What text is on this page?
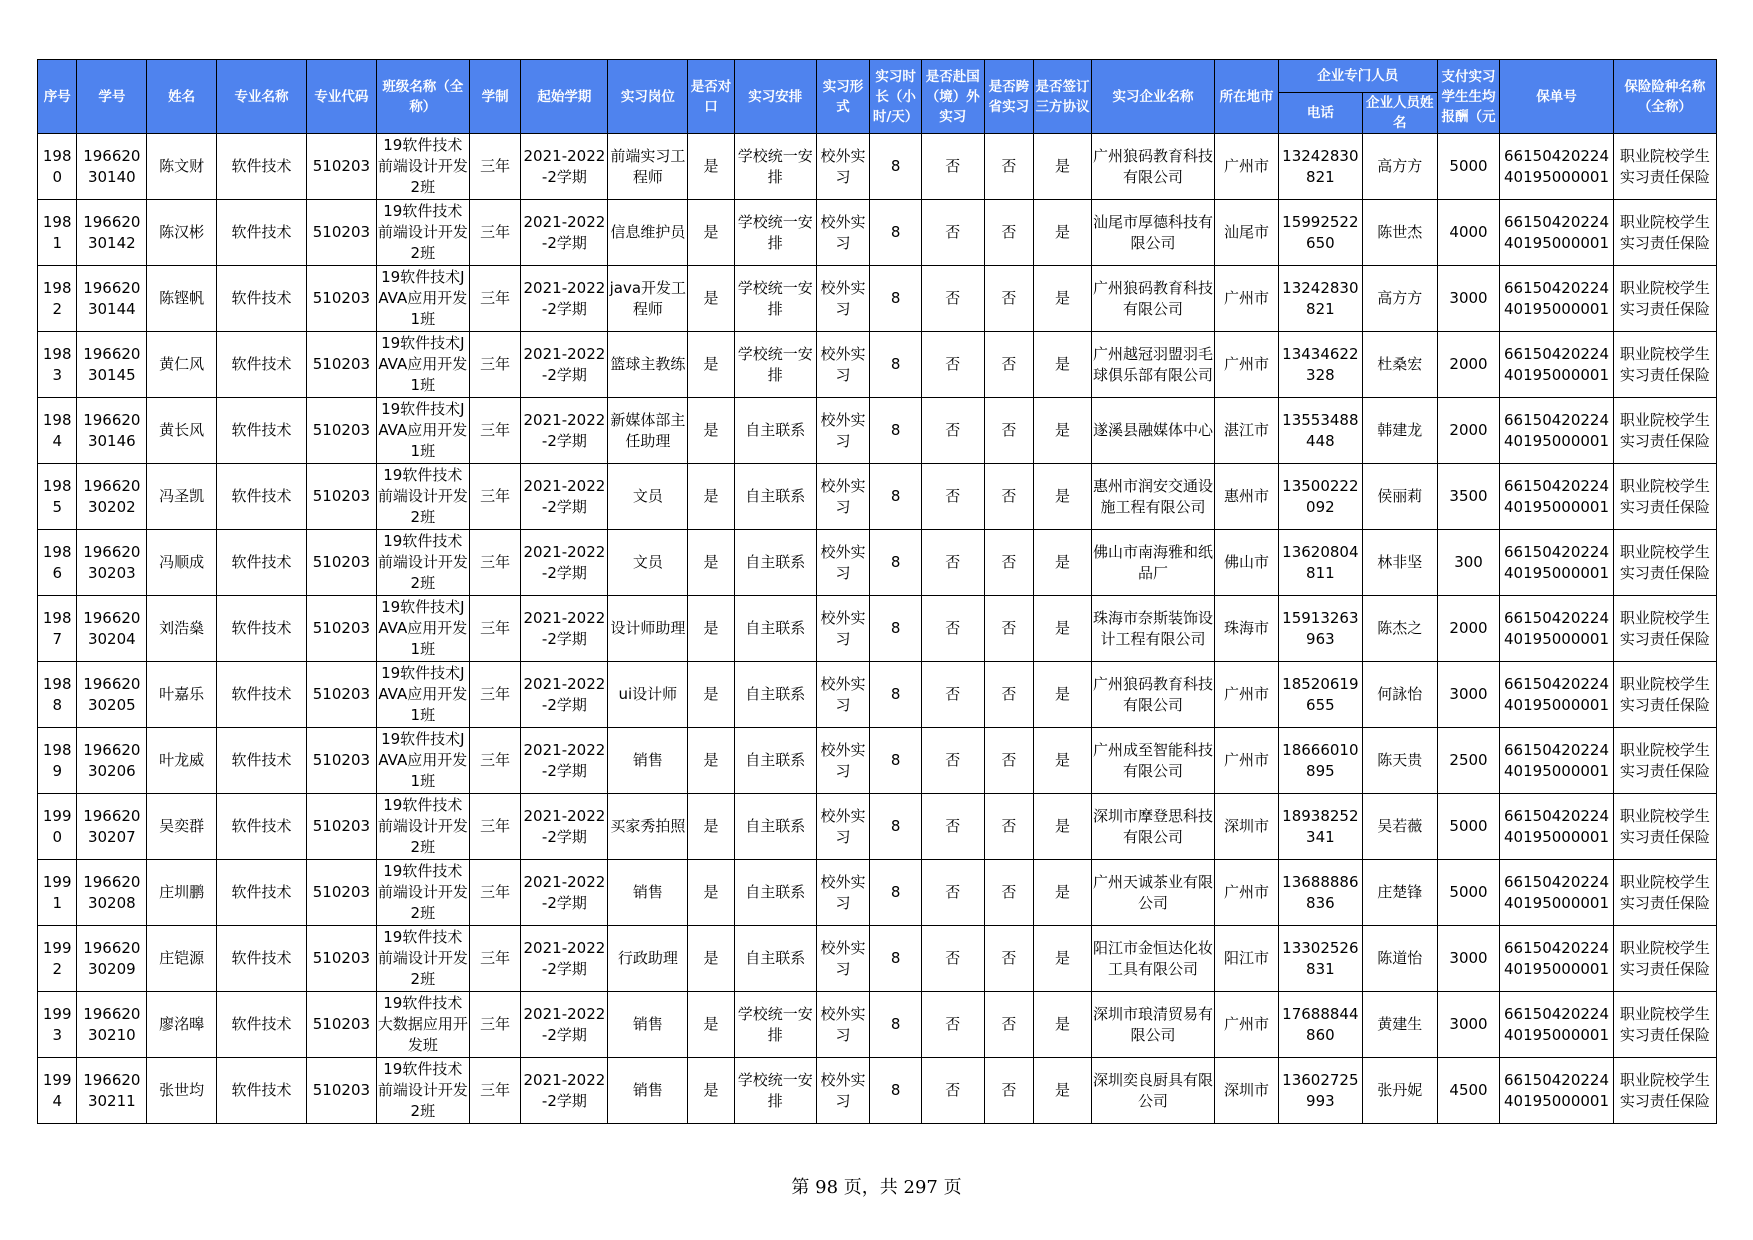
序号	学号	姓名	专业名称	专业代码	班级名称（全称）	学制	起始学期	实习岗位	是否对口	实习安排	实习形式	实习时长（小时/天）	是否赴国（境）外实习	是否跨省实习	是否签订三方协议	实习企业名称	所在地市	企业专门人员		支付实习学生生均报酬（元	保单号	保险险种名称（全称）
																		电话	企业人员姓名			

1980	19662030140	陈文财	软件技术	510203	19软件技术前端设计开发2班	三年	2021-2022-2学期	前端实习工程师	是	学校统一安排	校外实习	8	否	否	是	广州狼码教育科技有限公司	广州市	13242830821	高方方	5000	6615042022440195000001	职业院校学生实习责任保险

1981	19662030142	陈汉彬	软件技术	510203	19软件技术前端设计开发2班	三年	2021-2022-2学期	信息维护员	是	学校统一安排	校外实习	8	否	否	是	汕尾市厚德科技有限公司	汕尾市	15992522650	陈世杰	4000	6615042022440195000001	职业院校学生实习责任保险

1982	19662030144	陈铿帆	软件技术	510203	19软件技术JAVA应用开发1班	三年	2021-2022-2学期	java开发工程师	是	学校统一安排	校外实习	8	否	否	是	广州狼码教育科技有限公司	广州市	13242830821	高方方	3000	6615042022440195000001	职业院校学生实习责任保险

1983	19662030145	黄仁风	软件技术	510203	19软件技术JAVA应用开发1班	三年	2021-2022-2学期	篮球主教练	是	学校统一安排	校外实习	8	否	否	是	广州越冠羽盟羽毛球俱乐部有限公司	广州市	13434622328	杜桑宏	2000	6615042022440195000001	职业院校学生实习责任保险

1984	19662030146	黄长风	软件技术	510203	19软件技术JAVA应用开发1班	三年	2021-2022-2学期	新媒体部主任助理	是	自主联系	校外实习	8	否	否	是	遂溪县融媒体中心	湛江市	13553488448	韩建龙	2000	6615042022440195000001	职业院校学生实习责任保险

1985	19662030202	冯圣凯	软件技术	510203	19软件技术前端设计开发2班	三年	2021-2022-2学期	文员	是	自主联系	校外实习	8	否	否	是	惠州市润安交通设施工程有限公司	惠州市	13500222092	侯丽莉	3500	6615042022440195000001	职业院校学生实习责任保险

1986	19662030203	冯顺成	软件技术	510203	19软件技术前端设计开发2班	三年	2021-2022-2学期	文员	是	自主联系	校外实习	8	否	否	是	佛山市南海雅和纸品厂	佛山市	13620804811	林非坚	300	6615042022440195000001	职业院校学生实习责任保险

1987	19662030204	刘浩燊	软件技术	510203	19软件技术JAVA应用开发1班	三年	2021-2022-2学期	设计师助理	是	自主联系	校外实习	8	否	否	是	珠海市奈斯装饰设计工程有限公司	珠海市	15913263963	陈杰之	2000	6615042022440195000001	职业院校学生实习责任保险

1988	19662030205	叶嘉乐	软件技术	510203	19软件技术JAVA应用开发1班	三年	2021-2022-2学期	ui设计师	是	自主联系	校外实习	8	否	否	是	广州狼码教育科技有限公司	广州市	18520619655	何詠怡	3000	6615042022440195000001	职业院校学生实习责任保险

1989	19662030206	叶龙威	软件技术	510203	19软件技术JAVA应用开发1班	三年	2021-2022-2学期	销售	是	自主联系	校外实习	8	否	否	是	广州成至智能科技有限公司	广州市	18666010895	陈天贵	2500	6615042022440195000001	职业院校学生实习责任保险

1990	19662030207	吴奕群	软件技术	510203	19软件技术前端设计开发2班	三年	2021-2022-2学期	买家秀拍照	是	自主联系	校外实习	8	否	否	是	深圳市摩登思科技有限公司	深圳市	18938252341	吴若薇	5000	6615042022440195000001	职业院校学生实习责任保险

1991	19662030208	庄圳鹏	软件技术	510203	19软件技术前端设计开发2班	三年	2021-2022-2学期	销售	是	自主联系	校外实习	8	否	否	是	广州天诚茶业有限公司	广州市	13688886836	庄楚锋	5000	6615042022440195000001	职业院校学生实习责任保险

1992	19662030209	庄铠源	软件技术	510203	19软件技术前端设计开发2班	三年	2021-2022-2学期	行政助理	是	自主联系	校外实习	8	否	否	是	阳江市金恒达化妆工具有限公司	阳江市	13302526831	陈道怡	3000	6615042022440195000001	职业院校学生实习责任保险

1993	19662030210	廖洺暤	软件技术	510203	19软件技术大数据应用开发班	三年	2021-2022-2学期	销售	是	学校统一安排	校外实习	8	否	否	是	深圳市琅清贸易有限公司	广州市	17688844860	黄建生	3000	6615042022440195000001	职业院校学生实习责任保险

1994	19662030211	张世均	软件技术	510203	19软件技术前端设计开发2班	三年	2021-2022-2学期	销售	是	学校统一安排	校外实习	8	否	否	是	深圳奕良厨具有限公司	深圳市	13602725993	张丹妮	4500	6615042022440195000001	职业院校学生实习责任保险
第 98 页，共 297 页
